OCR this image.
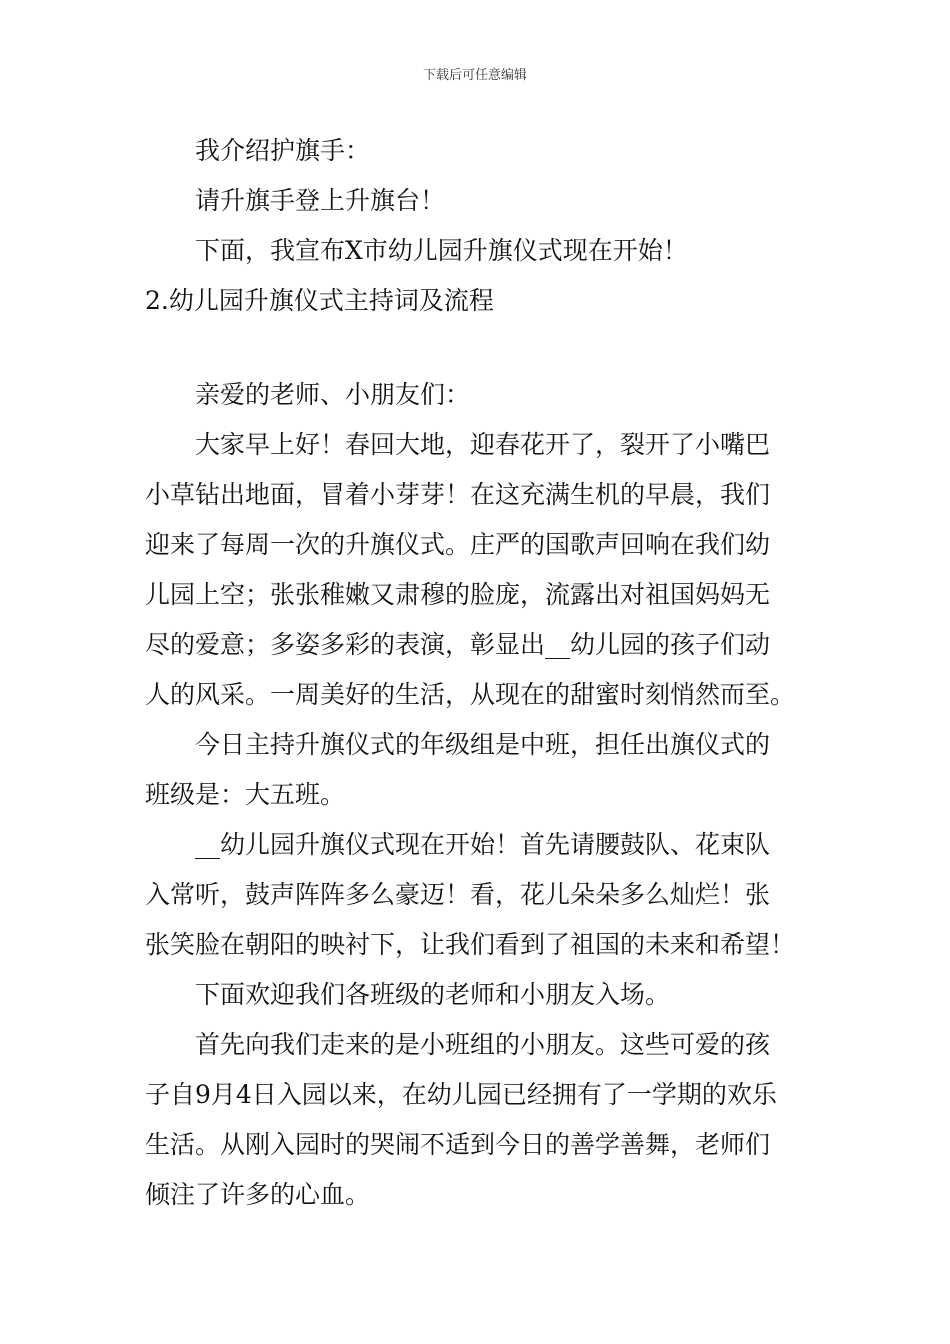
下载后可任意编辑
我介绍护旗手：
请升旗手登上升旗台！
下面，我宣布X市幼儿园升旗仪式现在开始！
2.幼儿园升旗仪式主持词及流程
亲爱的老师、小朋友们：
大家早上好！春回大地，迎春花开了，裂开了小嘴巴
小草钻出地面，冒着小芽芽！在这充满生机的早晨，我们
迎来了每周一次的升旗仪式。庄严的国歌声回响在我们幼
儿园上空；张张稚嫩又肃穆的脸庞，流露出对祖国妈妈无
尽的爱意；多姿多彩的表演，彰显出__幼儿园的孩子们动
人的风采。一周美好的生活，从现在的甜蜜时刻悄然而至。
今日主持升旗仪式的年级组是中班，担任出旗仪式的
班级是：大五班。
__幼儿园升旗仪式现在开始！首先请腰鼓队、花束队
入常听，鼓声阵阵多么豪迈！看，花儿朵朵多么灿烂！张
张笑脸在朝阳的映衬下，让我们看到了祖国的未来和希望！
下面欢迎我们各班级的老师和小朋友入场。
首先向我们走来的是小班组的小朋友。这些可爱的孩
子自9月4日入园以来，在幼儿园已经拥有了一学期的欢乐
生活。从刚入园时的哭闹不适到今日的善学善舞，老师们
倾注了许多的心血。
